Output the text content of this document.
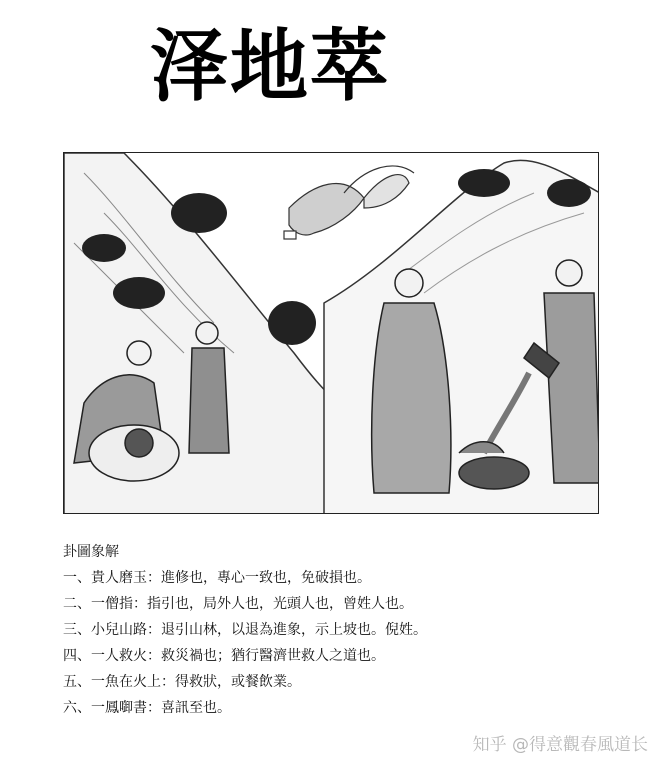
泽地萃
卦圖象解
一、貴人磨玉：進修也，專心一致也，免破損也。
二、一僧指：指引也，局外人也，光頭人也，曾姓人也。
三、小兒山路：退引山林，以退為進象，示上坡也。倪姓。
四、一人救火：救災禍也；猶行醫濟世救人之道也。
五、一魚在火上：得救狀，或餐飲業。
六、一鳳啣書：喜訊至也。
知乎 @得意觀春風道长
